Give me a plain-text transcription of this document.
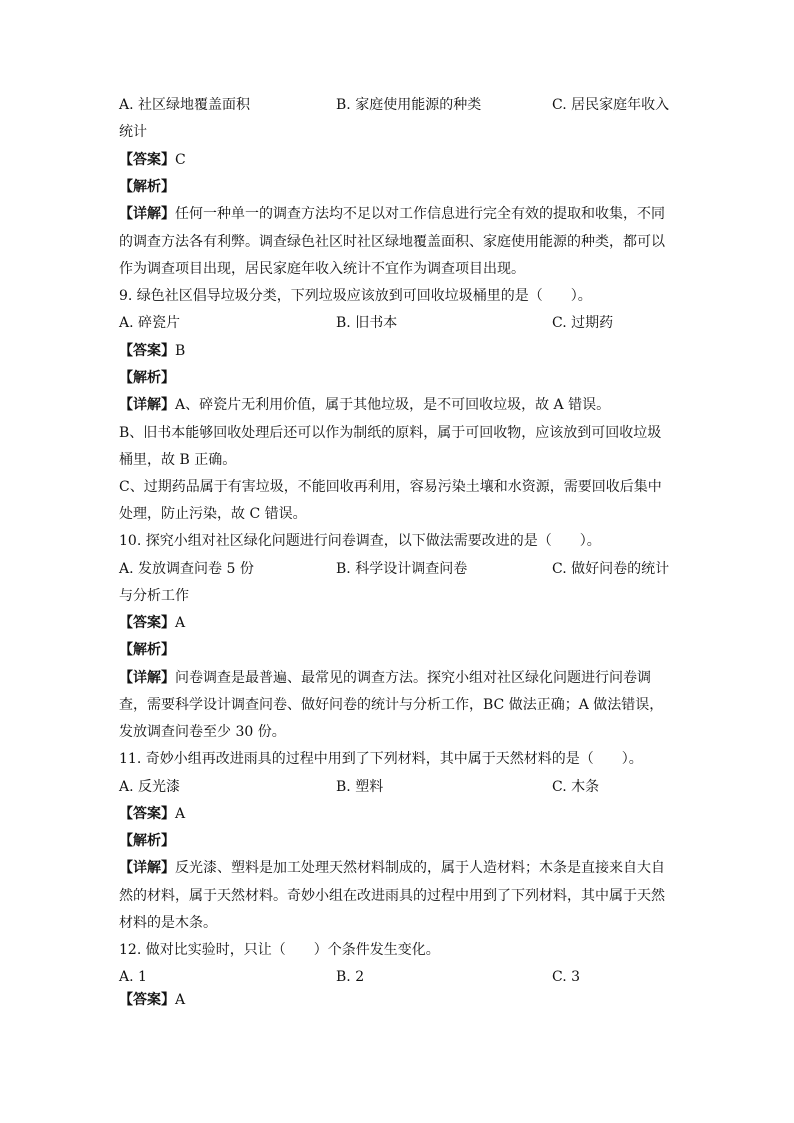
A. 社区绿地覆盖面积	B. 家庭使用能源的种类	C. 居民家庭年收入
统计
【答案】C
【解析】
【详解】任何一种单一的调查方法均不足以对工作信息进行完全有效的提取和收集，不同
的调查方法各有利弊。调查绿色社区时社区绿地覆盖面积、家庭使用能源的种类，都可以
作为调查项目出现，居民家庭年收入统计不宜作为调查项目出现。
9. 绿色社区倡导垃圾分类，下列垃圾应该放到可回收垃圾桶里的是（　　）。
A. 碎瓷片	B. 旧书本	C. 过期药
【答案】B
【解析】
【详解】A、碎瓷片无利用价值，属于其他垃圾，是不可回收垃圾，故 A 错误。
B、旧书本能够回收处理后还可以作为制纸的原料，属于可回收物，应该放到可回收垃圾
桶里，故 B 正确。
C、过期药品属于有害垃圾，不能回收再利用，容易污染土壤和水资源，需要回收后集中
处理，防止污染，故 C 错误。
10. 探究小组对社区绿化问题进行问卷调查，以下做法需要改进的是（　　）。
A. 发放调查问卷 5 份	B. 科学设计调查问卷	C. 做好问卷的统计
与分析工作
【答案】A
【解析】
【详解】问卷调查是最普遍、最常见的调查方法。探究小组对社区绿化问题进行问卷调
查，需要科学设计调查问卷、做好问卷的统计与分析工作，BC 做法正确；A 做法错误，
发放调查问卷至少 30 份。
11. 奇妙小组再改进雨具的过程中用到了下列材料，其中属于天然材料的是（　　）。
A. 反光漆	B. 塑料	C. 木条
【答案】A
【解析】
【详解】反光漆、塑料是加工处理天然材料制成的，属于人造材料；木条是直接来自大自
然的材料，属于天然材料。奇妙小组在改进雨具的过程中用到了下列材料，其中属于天然
材料的是木条。
12. 做对比实验时，只让（　　）个条件发生变化。
A. 1	B. 2	C. 3
【答案】A
